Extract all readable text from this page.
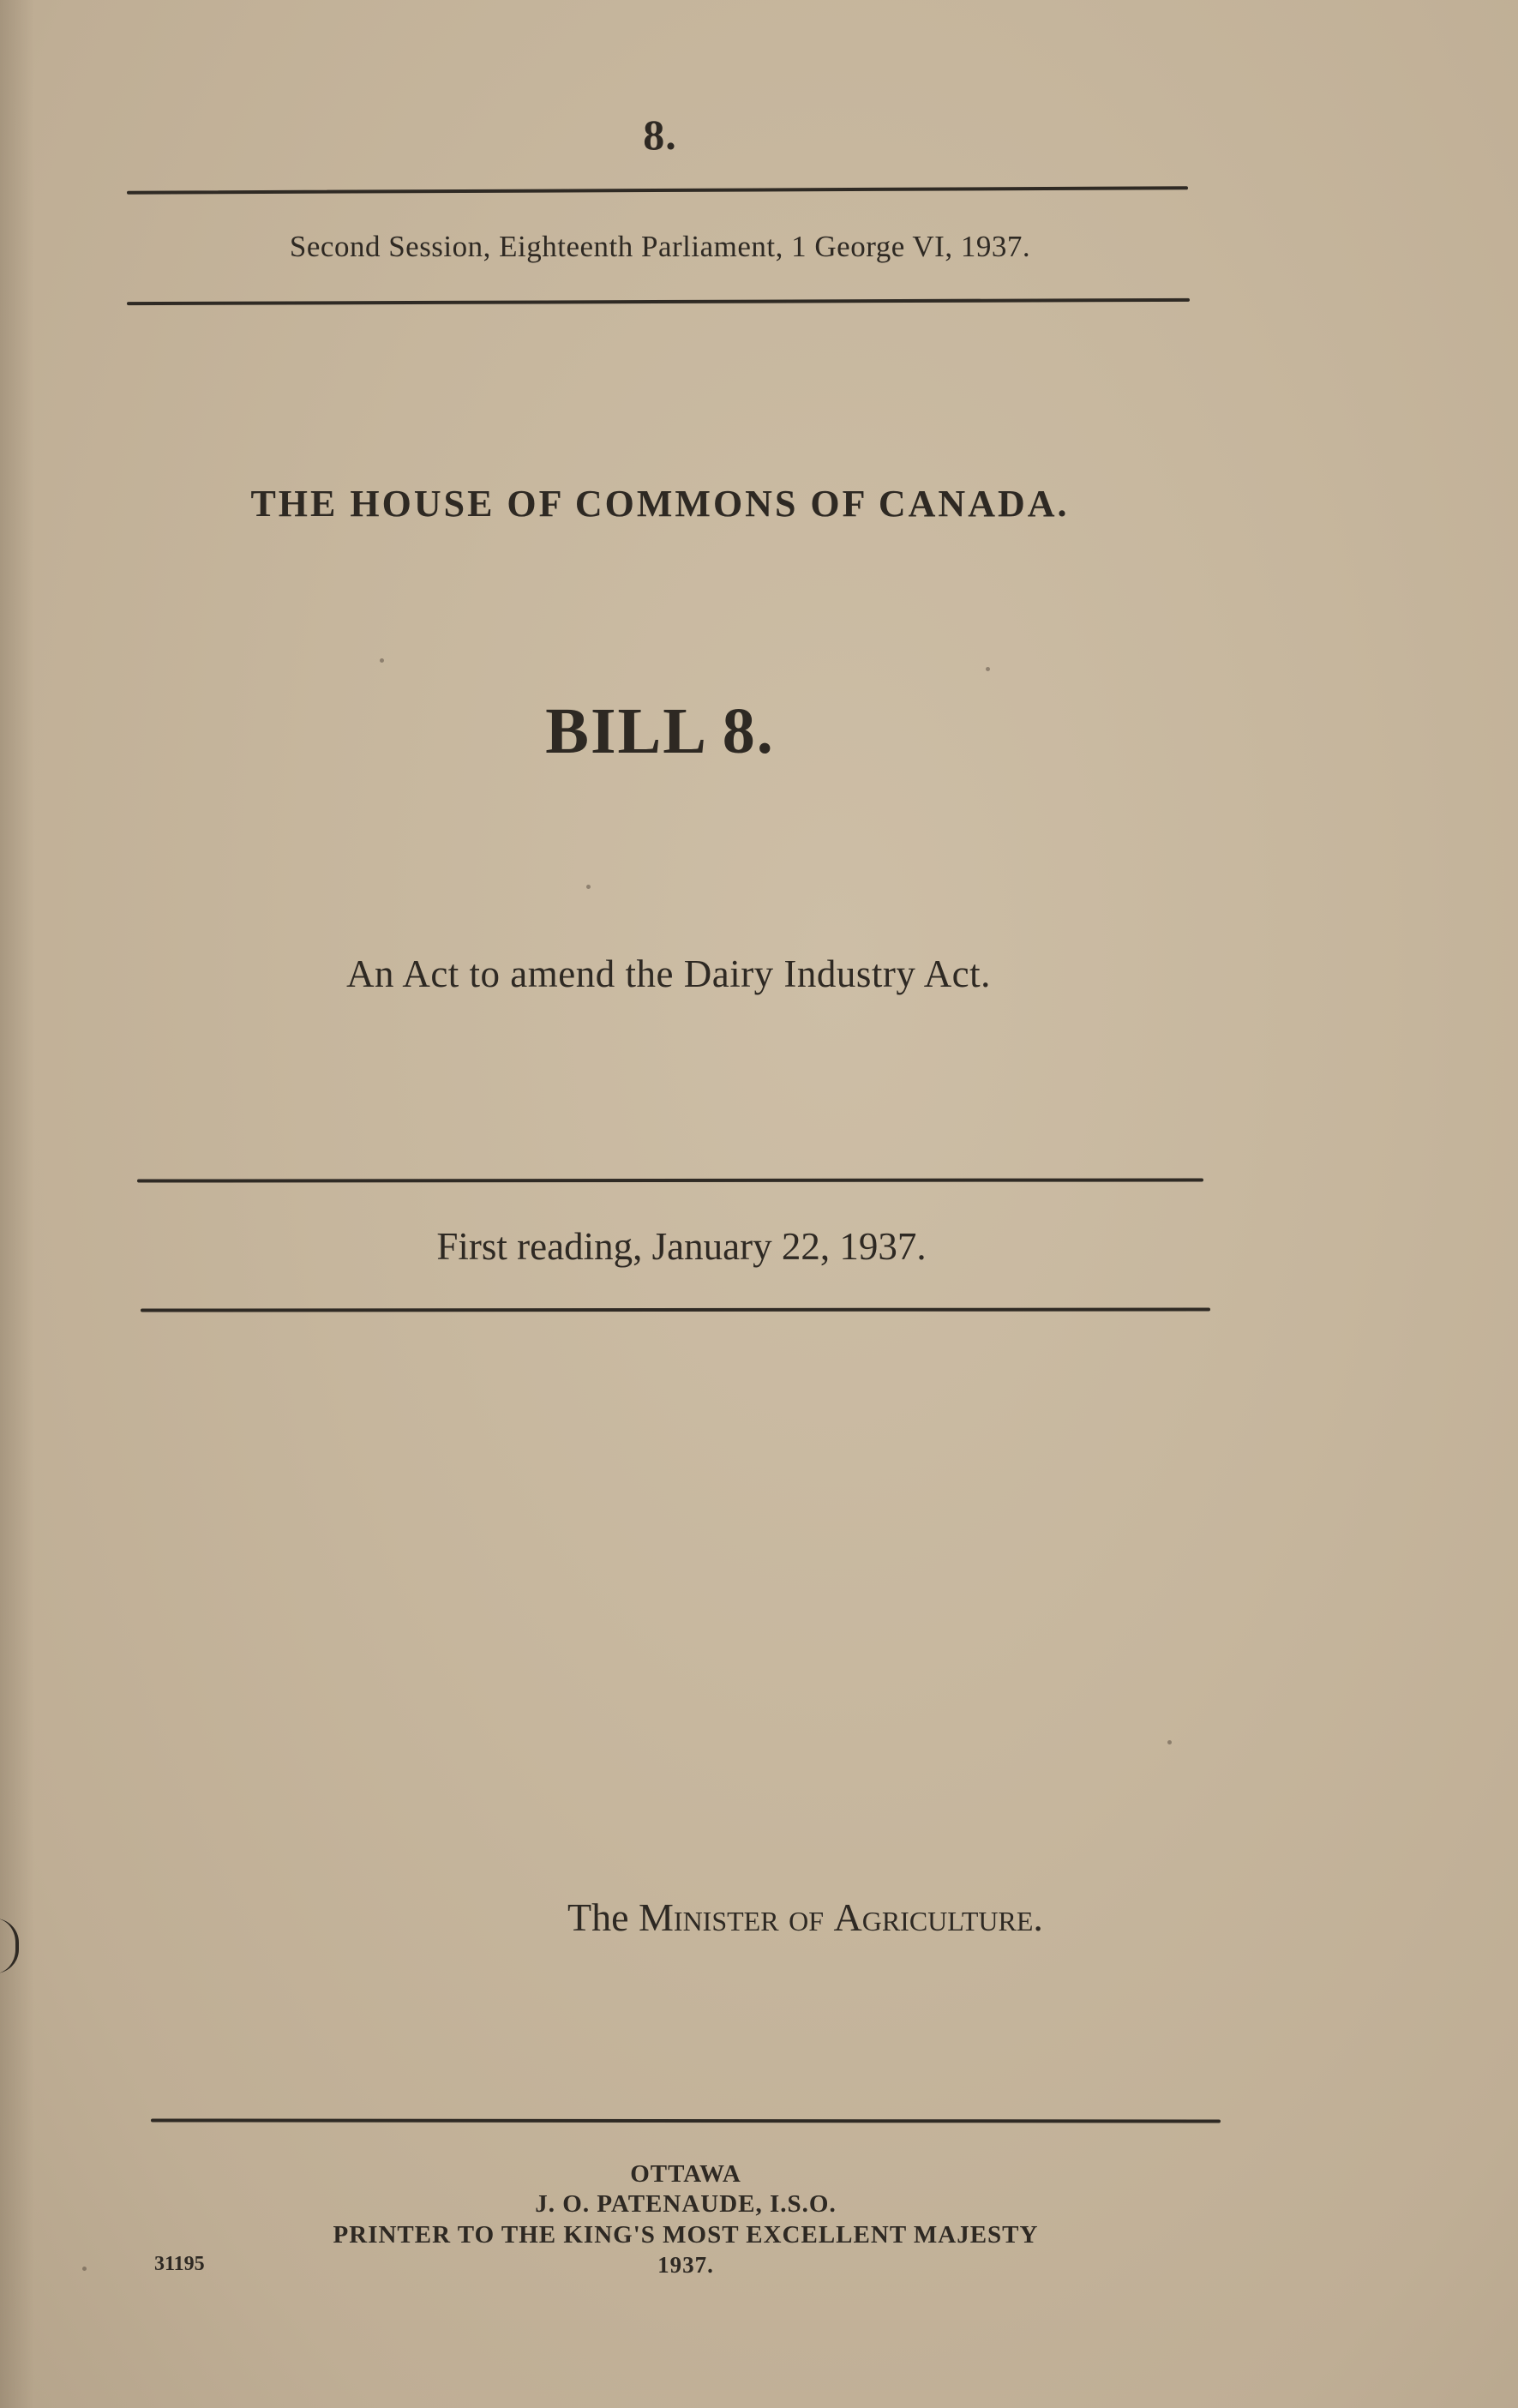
8.
Second Session, Eighteenth Parliament, 1 George VI, 1937.
THE HOUSE OF COMMONS OF CANADA.
BILL 8.
An Act to amend the Dairy Industry Act.
First reading, January 22, 1937.
The Minister of Agriculture.
OTTAWA
J. O. PATENAUDE, I.S.O.
PRINTER TO THE KING'S MOST EXCELLENT MAJESTY
1937.
31195
